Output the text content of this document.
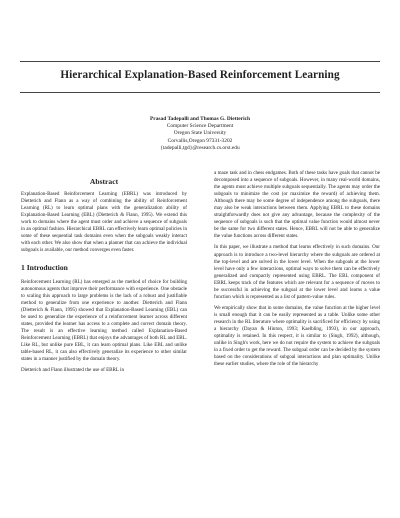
Hierarchical Explanation-Based Reinforcement Learning
Prasad Tadepalli and Thomas G. Dietterich
Computer Science Department
Oregon State University
Corvallis,Oregon 97331-3202
{tadepalli,tgd}@research.cs.orst.edu
Abstract
Explanation-Based Reinforcement Learning (EBRL) was introduced by Dietterich and Flann as a way of combining the ability of Reinforcement Learning (RL) to learn optimal plans with the generalization ability of Explanation-Based Learning (EBL) (Dietterich & Flann, 1995). We extend this work to domains where the agent must order and achieve a sequence of subgoals in an optimal fashion. Hierarchical EBRL can effectively learn optimal policies in some of these sequential task domains even when the subgoals weakly interact with each other. We also show that when a planner that can achieve the individual subgoals is available, our method converges even faster.
1 Introduction
Reinforcement Learning (RL) has emerged as the method of choice for building autonomous agents that improve their performance with experience. One obstacle to scaling this approach to large problems is the lack of a robust and justifiable method to generalize from one experience to another. Dietterich and Flann (Dietterich & Flann, 1995) showed that Explanation-Based Learning (EBL) can be used to generalize the experience of a reinforcement learner across different states, provided the learner has access to a complete and correct domain theory. The result is an effective learning method called Explanation-Based Reinforcement Learning (EBRL) that enjoys the advantages of both RL and EBL. Like RL, but unlike pure EBL, it can learn optimal plans. Like EBL and unlike table-based RL, it can also effectively generalize its experience to other similar states in a manner justified by the domain theory.
Dietterich and Flann illustrated the use of EBRL in
a maze task and in chess endgames. Both of these tasks have goals that cannot be decomposed into a sequence of subgoals. However, in many real-world domains, the agents must achieve multiple subgoals sequentially. The agents may order the subgoals to minimize the cost (or maximize the reward) of achieving them. Although there may be some degree of independence among the subgoals, there may also be weak interactions between them. Applying EBRL to these domains straightforwardly does not give any advantage, because the complexity of the sequence of subgoals is such that the optimal value function would almost never be the same for two different states. Hence, EBRL will not be able to generalize the value functions across different states.
In this paper, we illustrate a method that learns effectively in such domains. Our approach is to introduce a two-level hierarchy where the subgoals are ordered at the top-level and are solved in the lower level. When the subgoals at the lower level have only a few interactions, optimal ways to solve them can be effectively generalized and compactly represented using EBRL. The EBL component of EBRL keeps track of the features which are relevant for a sequence of moves to be successful in achieving the subgoal at the lower level and learns a value function which is represented as a list of pattern-value rules.
We empirically show that in some domains, the value function at the higher level is small enough that it can be easily represented as a table. Unlike some other research in the RL literature where optimality is sacrificed for efficiency by using a hierarchy (Dayan & Hinton, 1993; Kaelbling, 1993), in our approach, optimality is retained. In this respect, it is similar to (Singh, 1992), although, unlike in Singh's work, here we do not require the system to achieve the subgoals in a fixed order to get the reward. The subgoal order can be decided by the system based on the considerations of subgoal interactions and plan optimality. Unlike these earlier studies, where the role of the hierarchy
